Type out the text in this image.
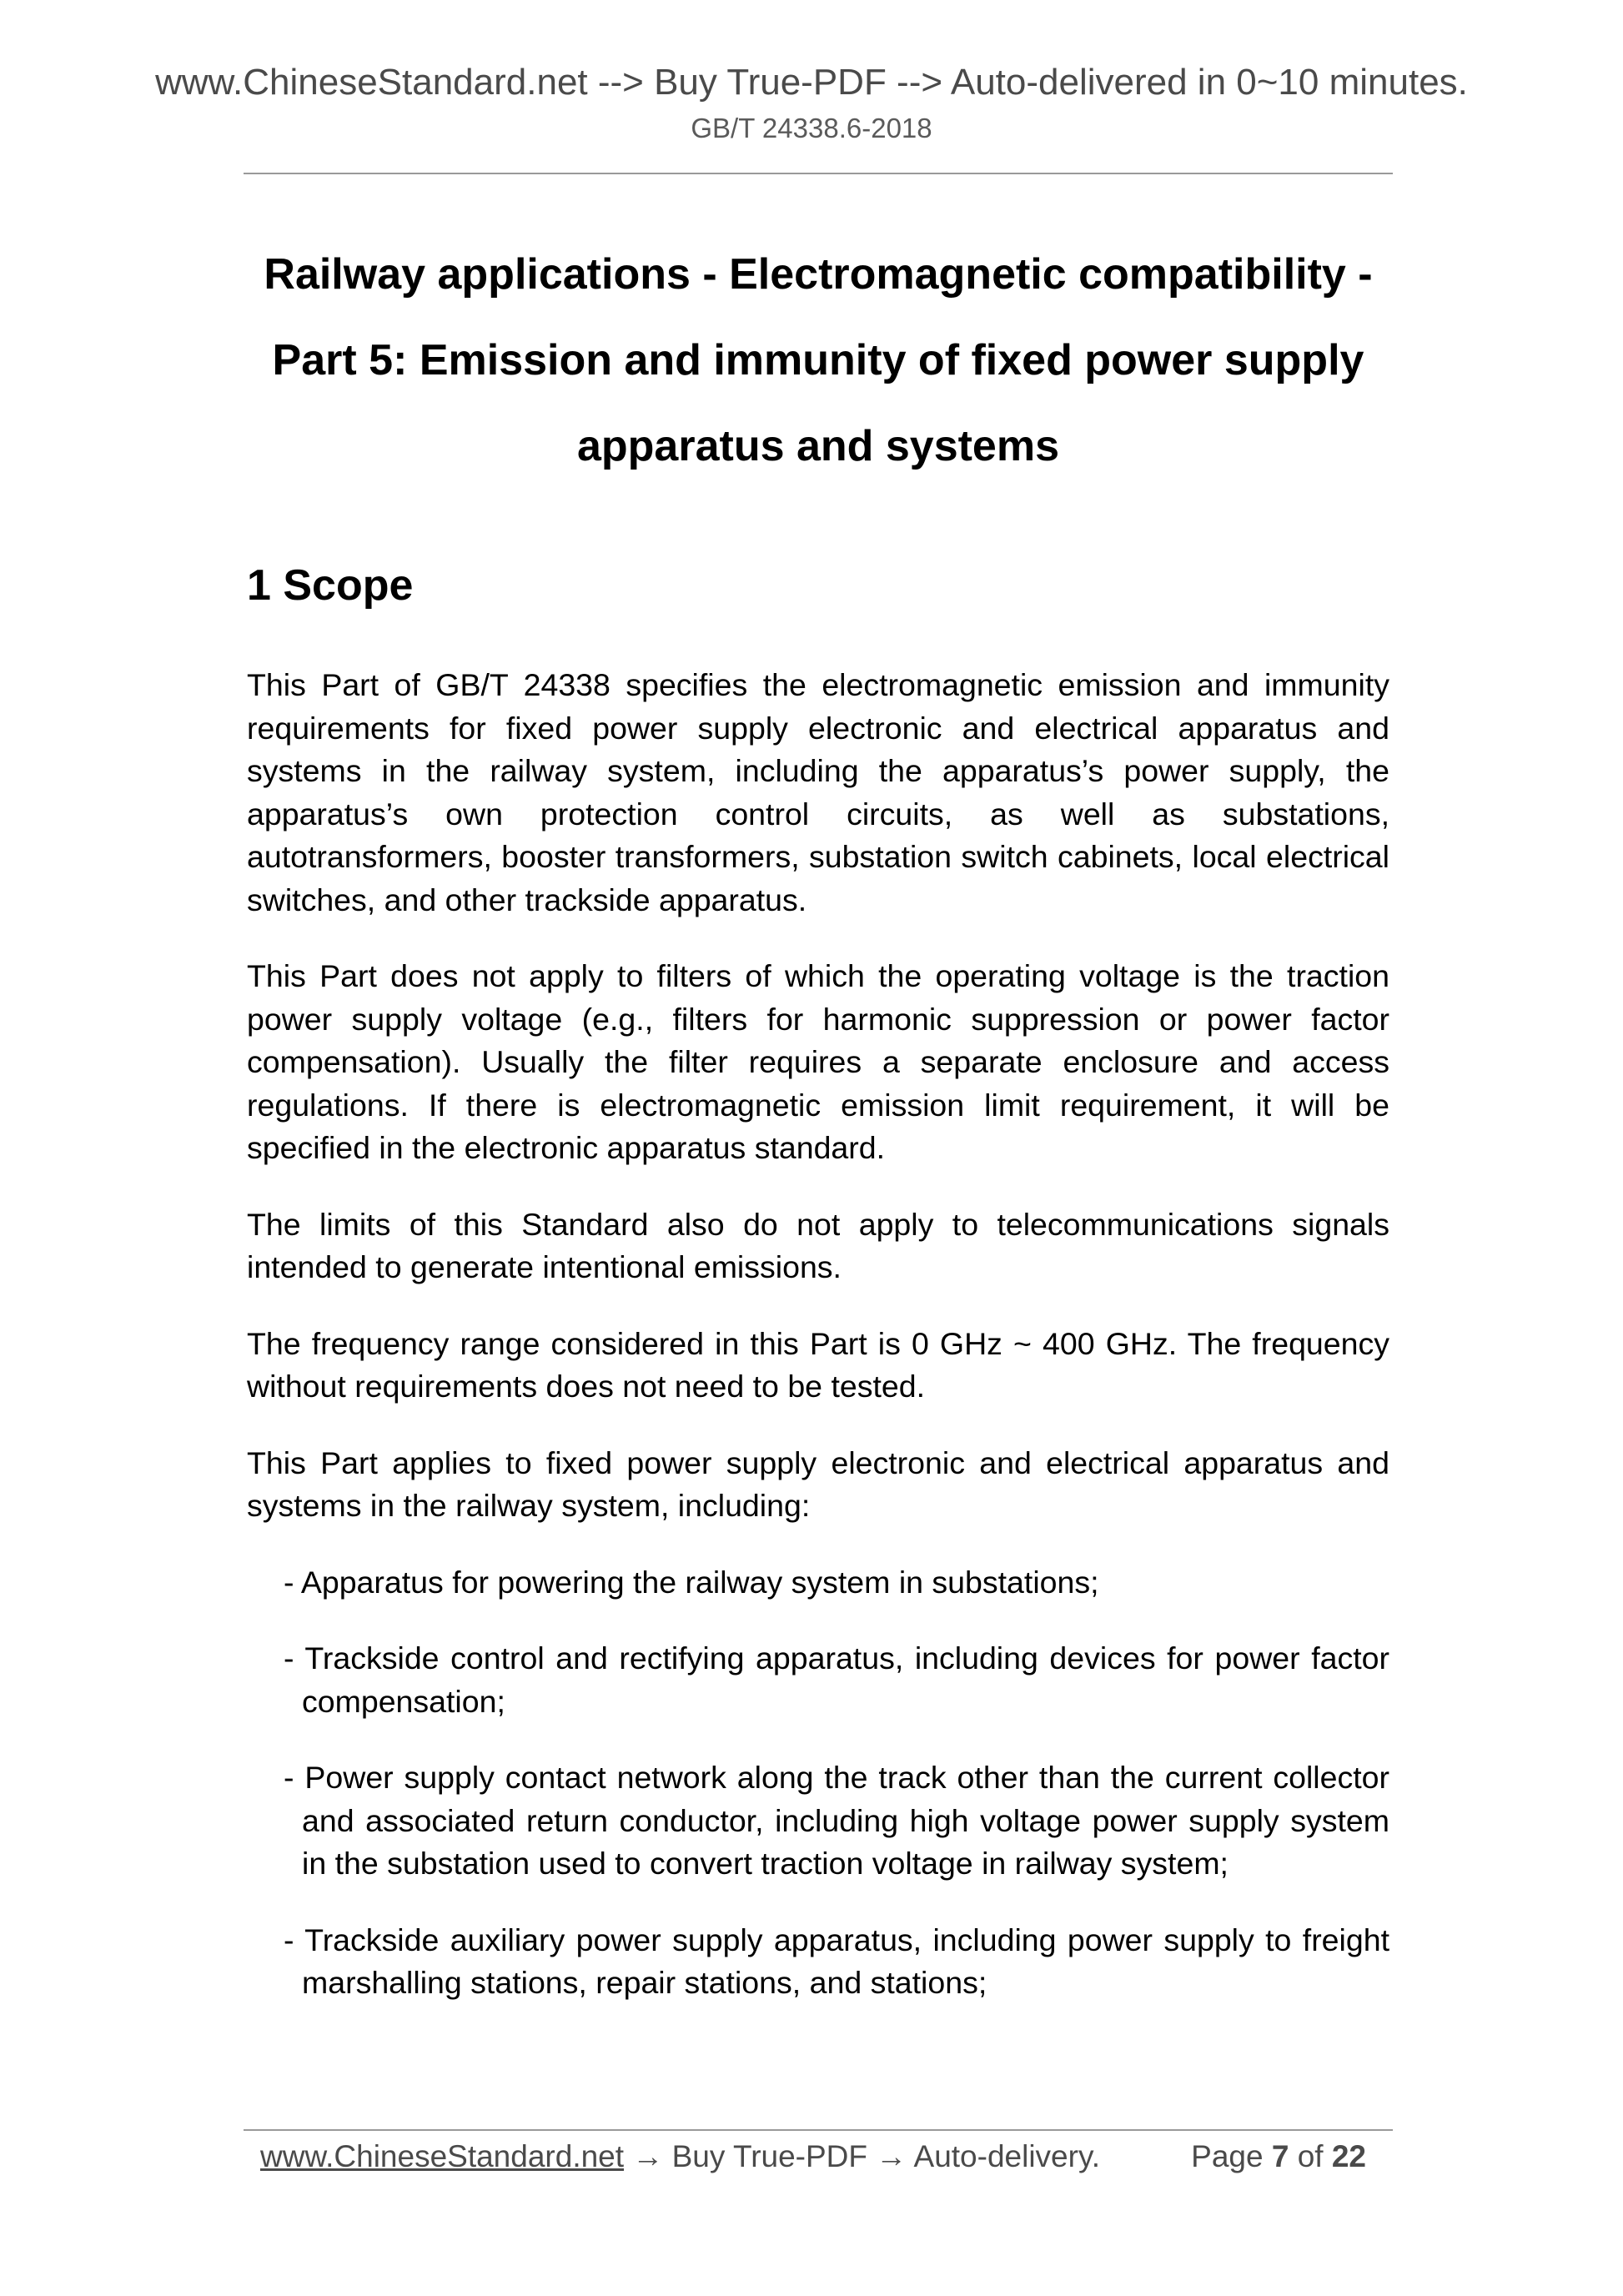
www.ChineseStandard.net --> Buy True-PDF --> Auto-delivered in 0~10 minutes.
GB/T 24338.6-2018
Railway applications - Electromagnetic compatibility -
Part 5: Emission and immunity of fixed power supply
apparatus and systems
1 Scope

This Part of GB/T 24338 specifies the electromagnetic emission and immunity requirements for fixed power supply electronic and electrical apparatus and systems in the railway system, including the apparatus’s power supply, the apparatus’s own protection control circuits, as well as substations, autotransformers, booster transformers, substation switch cabinets, local electrical switches, and other trackside apparatus.

This Part does not apply to filters of which the operating voltage is the traction power supply voltage (e.g., filters for harmonic suppression or power factor compensation). Usually the filter requires a separate enclosure and access regulations. If there is electromagnetic emission limit requirement, it will be specified in the electronic apparatus standard.

The limits of this Standard also do not apply to telecommunications signals intended to generate intentional emissions.

The frequency range considered in this Part is 0 GHz ~ 400 GHz. The frequency without requirements does not need to be tested.

This Part applies to fixed power supply electronic and electrical apparatus and systems in the railway system, including:

- Apparatus for powering the railway system in substations;
- Trackside control and rectifying apparatus, including devices for power factor compensation;
- Power supply contact network along the track other than the current collector and associated return conductor, including high voltage power supply system in the substation used to convert traction voltage in railway system;
- Trackside auxiliary power supply apparatus, including power supply to freight marshalling stations, repair stations, and stations;
www.ChineseStandard.net → Buy True-PDF → Auto-delivery.	Page 7 of 22
